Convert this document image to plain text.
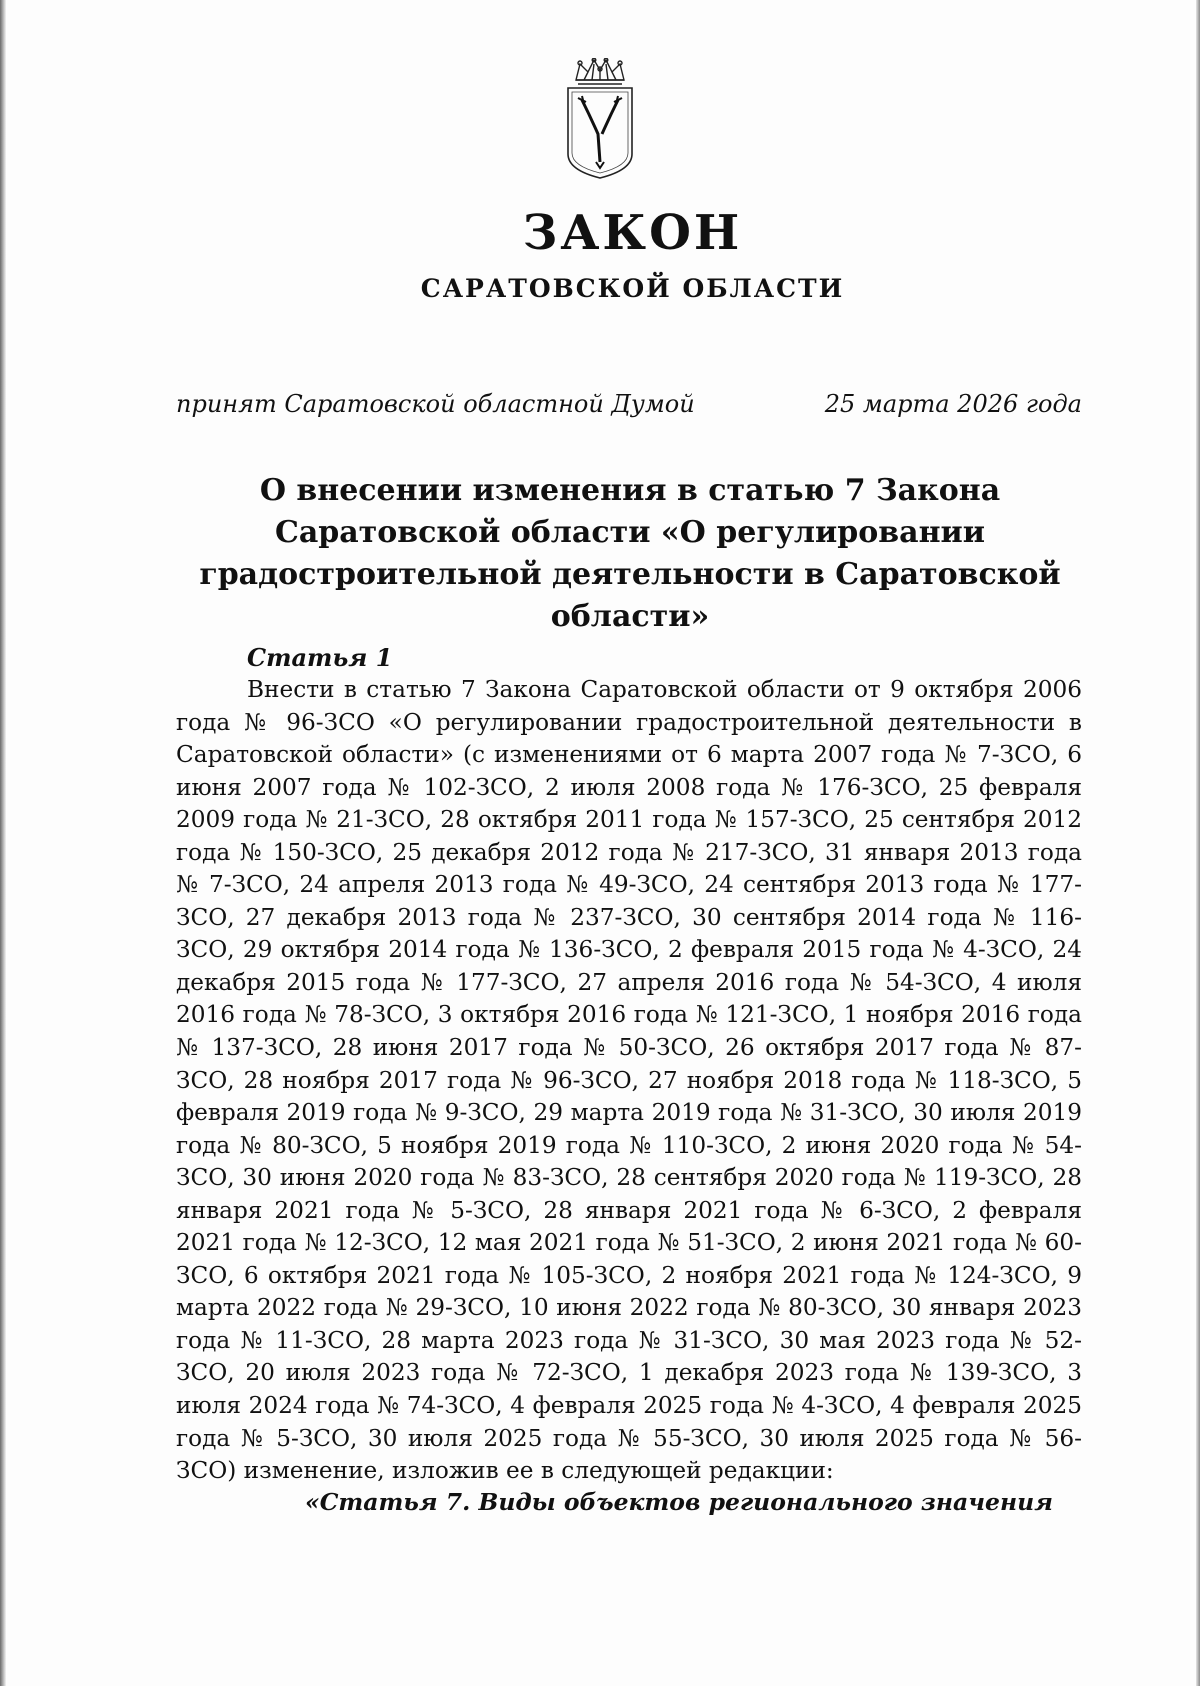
ЗАКОН
САРАТОВСКОЙ ОБЛАСТИ
принят Саратовской областной Думой	25 марта 2026 года
О внесении изменения в статью 7 Закона Саратовской области «О регулировании градостроительной деятельности в Саратовской области»
Статья 1

Внести в статью 7 Закона Саратовской области от 9 октября 2006 года № 96-ЗСО «О регулировании градостроительной деятельности в Саратовской области» (с изменениями от 6 марта 2007 года № 7-ЗСО, 6 июня 2007 года № 102-ЗСО, 2 июля 2008 года № 176-ЗСО, 25 февраля 2009 года № 21-ЗСО, 28 октября 2011 года № 157-ЗСО, 25 сентября 2012 года № 150-ЗСО, 25 декабря 2012 года № 217-ЗСО, 31 января 2013 года № 7-ЗСО, 24 апреля 2013 года № 49-ЗСО, 24 сентября 2013 года № 177-ЗСО, 27 декабря 2013 года № 237-ЗСО, 30 сентября 2014 года № 116-ЗСО, 29 октября 2014 года № 136-ЗСО, 2 февраля 2015 года № 4-ЗСО, 24 декабря 2015 года № 177-ЗСО, 27 апреля 2016 года № 54-ЗСО, 4 июля 2016 года № 78-ЗСО, 3 октября 2016 года № 121-ЗСО, 1 ноября 2016 года № 137-ЗСО, 28 июня 2017 года № 50-ЗСО, 26 октября 2017 года № 87-ЗСО, 28 ноября 2017 года № 96-ЗСО, 27 ноября 2018 года № 118-ЗСО, 5 февраля 2019 года № 9-ЗСО, 29 марта 2019 года № 31-ЗСО, 30 июля 2019 года № 80-ЗСО, 5 ноября 2019 года № 110-ЗСО, 2 июня 2020 года № 54-ЗСО, 30 июня 2020 года № 83-ЗСО, 28 сентября 2020 года № 119-ЗСО, 28 января 2021 года № 5-ЗСО, 28 января 2021 года № 6-ЗСО, 2 февраля 2021 года № 12-ЗСО, 12 мая 2021 года № 51-ЗСО, 2 июня 2021 года № 60-ЗСО, 6 октября 2021 года № 105-ЗСО, 2 ноября 2021 года № 124-ЗСО, 9 марта 2022 года № 29-ЗСО, 10 июня 2022 года № 80-ЗСО, 30 января 2023 года № 11-ЗСО, 28 марта 2023 года № 31-ЗСО, 30 мая 2023 года № 52-ЗСО, 20 июля 2023 года № 72-ЗСО, 1 декабря 2023 года № 139-ЗСО, 3 июля 2024 года № 74-ЗСО, 4 февраля 2025 года № 4-ЗСО, 4 февраля 2025 года № 5-ЗСО, 30 июля 2025 года № 55-ЗСО, 30 июля 2025 года № 56-ЗСО) изменение, изложив ее в следующей редакции:

«Статья 7. Виды объектов регионального значения
